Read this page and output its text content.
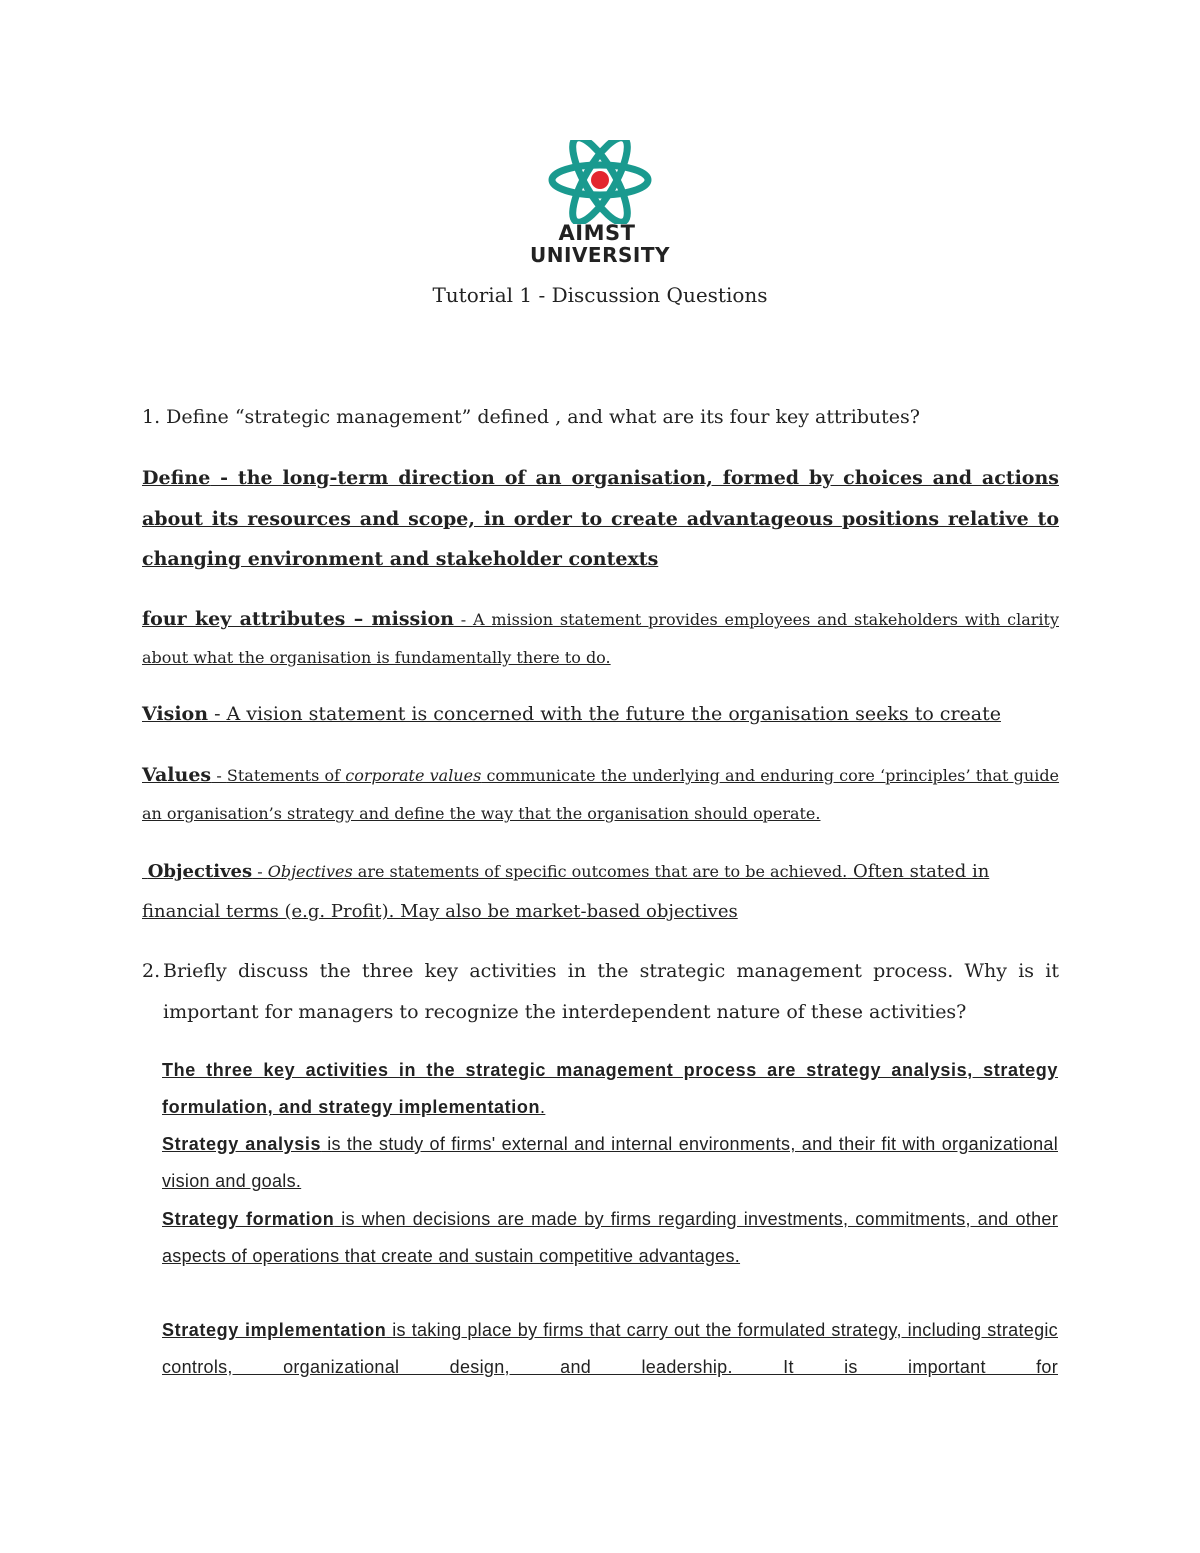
AIMST
UNIVERSITY
Tutorial 1 - Discussion Questions
1. Define “strategic management” defined , and what are its four key attributes?
Define - the long-term direction of an organisation, formed by choices and actions about its resources and scope, in order to create advantageous positions relative to changing environment and stakeholder contexts
four key attributes – mission - A mission statement provides employees and stakeholders with clarity about what the organisation is fundamentally there to do.
Vision - A vision statement is concerned with the future the organisation seeks to create
Values - Statements of corporate values communicate the underlying and enduring core ‘principles’ that guide an organisation’s strategy and define the way that the organisation should operate.
Objectives - Objectives are statements of specific outcomes that are to be achieved. Often stated in financial terms (e.g. Profit). May also be market-based objectives
2. Briefly discuss the three key activities in the strategic management process. Why is it important for managers to recognize the interdependent nature of these activities?
The three key activities in the strategic management process are strategy analysis, strategy formulation, and strategy implementation.
Strategy analysis is the study of firms' external and internal environments, and their fit with organizational vision and goals.
Strategy formation is when decisions are made by firms regarding investments, commitments, and other aspects of operations that create and sustain competitive advantages.
Strategy implementation is taking place by firms that carry out the formulated strategy, including strategic controls, organizational design, and leadership. It is important for
